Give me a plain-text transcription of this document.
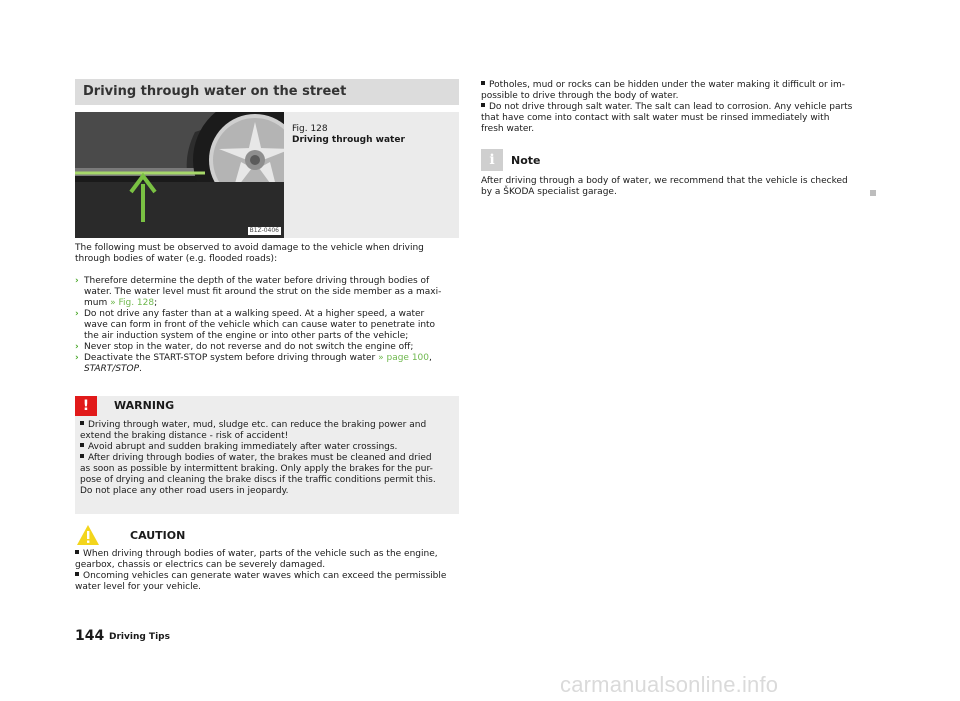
Driving through water on the street
B1Z-0406
Fig. 128
Driving through water
The following must be observed to avoid damage to the vehicle when driving through bodies of water (e.g. flooded roads):
› Therefore determine the depth of the water before driving through bodies of
water. The water level must fit around the strut on the side member as a maxi-
mum » Fig. 128;
› Do not drive any faster than at a walking speed. At a higher speed, a water
wave can form in front of the vehicle which can cause water to penetrate into
the air induction system of the engine or into other parts of the vehicle;
› Never stop in the water, do not reverse and do not switch the engine off;
› Deactivate the START-STOP system before driving through water » page 100,
START/STOP.
!	WARNING
Driving through water, mud, sludge etc. can reduce the braking power and
extend the braking distance - risk of accident!
Avoid abrupt and sudden braking immediately after water crossings.
After driving through bodies of water, the brakes must be cleaned and dried
as soon as possible by intermittent braking. Only apply the brakes for the pur-
pose of drying and cleaning the brake discs if the traffic conditions permit this.
Do not place any other road users in jeopardy.
CAUTION
When driving through bodies of water, parts of the vehicle such as the engine,
gearbox, chassis or electrics can be severely damaged.
Oncoming vehicles can generate water waves which can exceed the permissible
water level for your vehicle.
Potholes, mud or rocks can be hidden under the water making it difficult or im-
possible to drive through the body of water.
Do not drive through salt water. The salt can lead to corrosion. Any vehicle parts
that have come into contact with salt water must be rinsed immediately with
fresh water.
i	Note
After driving through a body of water, we recommend that the vehicle is checked
by a ŠKODA specialist garage.
144 Driving Tips
carmanualsonline.info
